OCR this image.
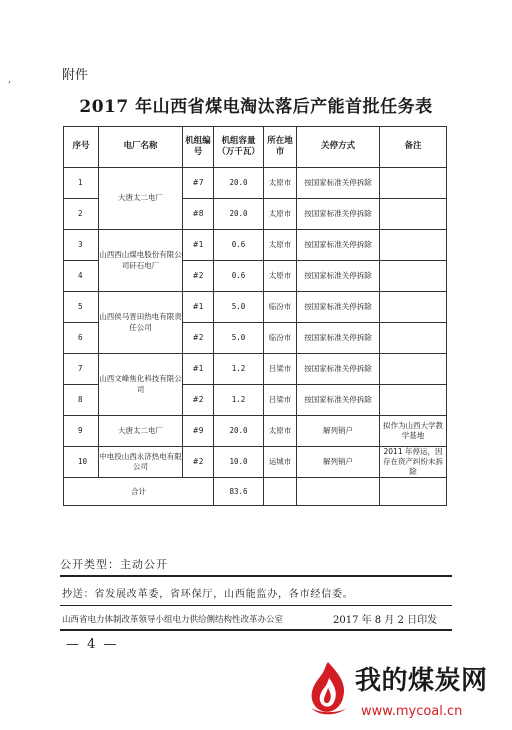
,	附件
2017 年山西省煤电淘汰落后产能首批任务表
序号	电厂名称	机组编号	机组容量（万千瓦）	所在地市	关停方式	备注
1	大唐太二电厂	#7	20.0	太原市	按国家标准关停拆除	
2		#8	20.0	太原市	按国家标准关停拆除	
3	山西西山煤电股份有限公司矸石电厂	#1	0.6	太原市	按国家标准关停拆除	
4		#2	0.6	太原市	按国家标准关停拆除	
5	山西侯马晋田热电有限责任公司	#1	5.0	临汾市	按国家标准关停拆除	
6		#2	5.0	临汾市	按国家标准关停拆除	
7	山西文峰焦化科技有限公司	#1	1.2	吕梁市	按国家标准关停拆除	
8		#2	1.2	吕梁市	按国家标准关停拆除	
9	大唐太二电厂	#9	20.0	太原市	解列销户	拟作为山西大学教学基地
10	中电投山西永济热电有限公司	#2	10.0	运城市	解列销户	2011 年停运，因存在资产纠纷未拆除
合计			83.6			
公开类型：主动公开
抄送：省发展改革委，省环保厅，山西能监办，各市经信委。
山西省电力体制改革领导小组电力供给侧结构性改革办公室	2017 年 8 月 2 日印发
— 4 —
我的煤炭网
www.mycoal.cn
